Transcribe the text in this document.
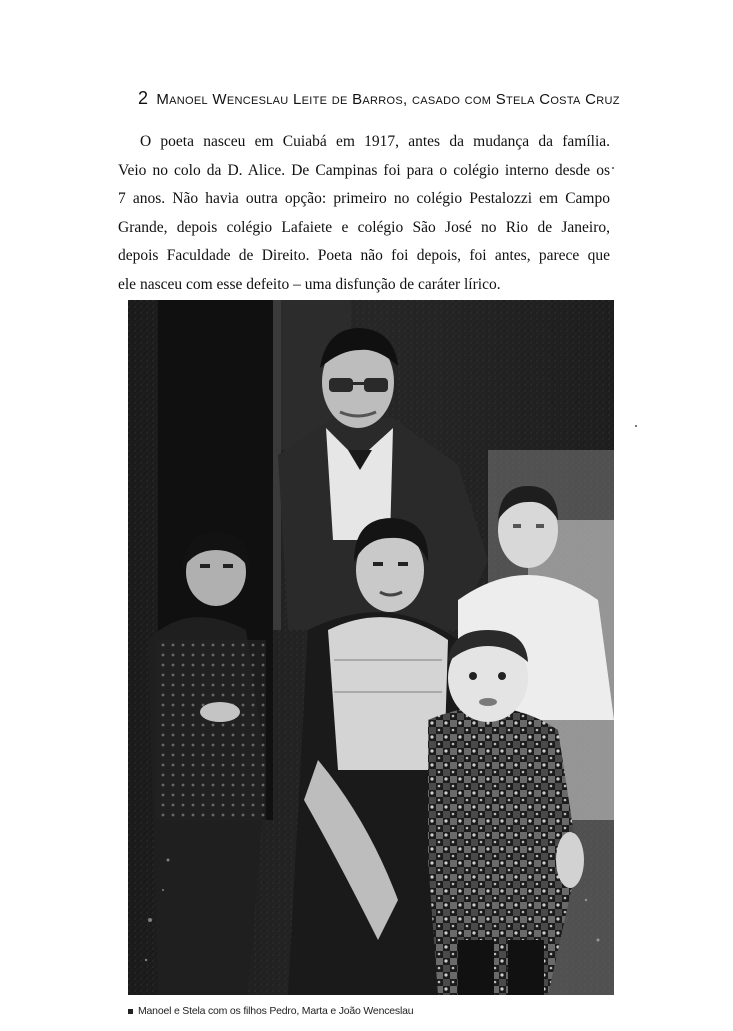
2 Manoel Wenceslau Leite de Barros, casado com Stela Costa Cruz
O poeta nasceu em Cuiabá em 1917, antes da mudança da família.
Veio no colo da D. Alice. De Campinas foi para o colégio interno desde os
7 anos. Não havia outra opção: primeiro no colégio Pestalozzi em Campo
Grande, depois colégio Lafaiete e colégio São José no Rio de Janeiro,
depois Faculdade de Direito. Poeta não foi depois, foi antes, parece que
ele nasceu com esse defeito – uma disfunção de caráter lírico.
Manoel e Stela com os filhos Pedro, Marta e João Wenceslau
